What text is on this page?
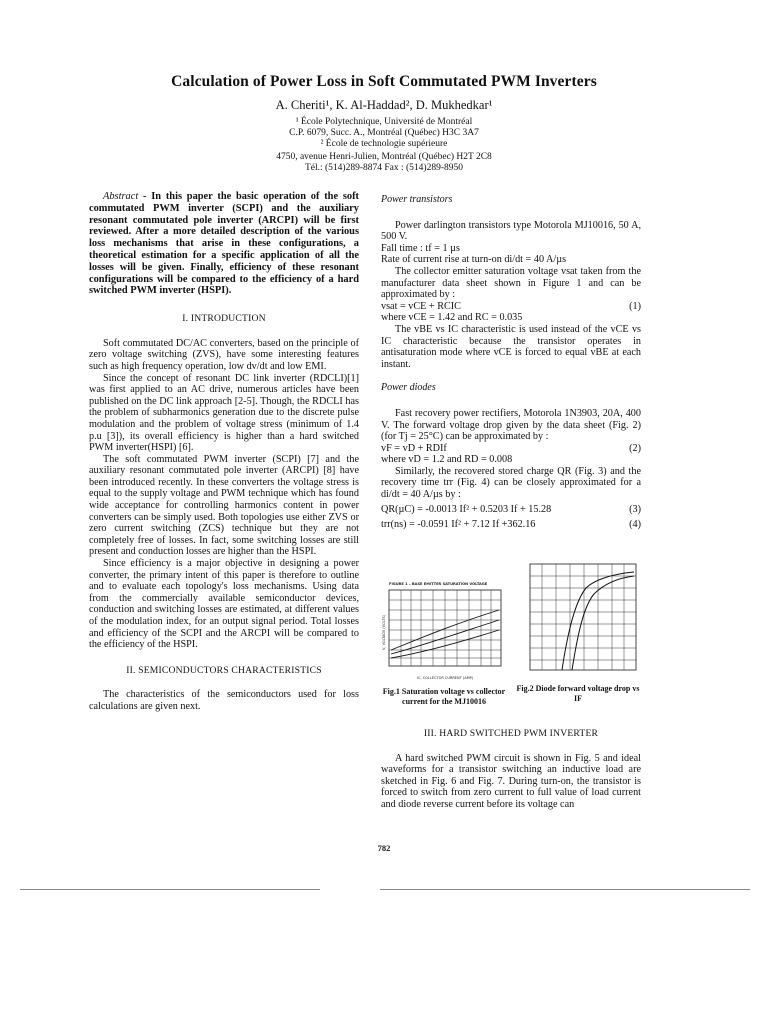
Calculation of Power Loss in Soft Commutated PWM Inverters
A. Cheriti¹, K. Al-Haddad², D. Mukhedkar¹
¹ École Polytechnique, Université de Montréal
C.P. 6079, Succ. A., Montréal (Québec) H3C 3A7
² École de technologie supérieure
4750, avenue Henri-Julien, Montréal (Québec) H2T 2C8
Tél.: (514)289-8874 Fax : (514)289-8950

Abstract - In this paper the basic operation of the soft commutated PWM inverter (SCPI) and the auxiliary resonant commutated pole inverter (ARCPI) will be first reviewed. After a more detailed description of the various loss mechanisms that arise in these configurations, a theoretical estimation for a specific application of all the losses will be given. Finally, efficiency of these resonant configurations will be compared to the efficiency of a hard switched PWM inverter (HSPI).

I. INTRODUCTION

Soft commutated DC/AC converters, based on the principle of zero voltage switching (ZVS), have some interesting features such as high frequency operation, low dv/dt and low EMI.

Since the concept of resonant DC link inverter (RDCLI)[1] was first applied to an AC drive, numerous articles have been published on the DC link approach [2-5]. Though, the RDCLI has the problem of subharmonics generation due to the discrete pulse modulation and the problem of voltage stress (minimum of 1.4 p.u [3]), its overall efficiency is higher than a hard switched PWM inverter(HSPI) [6].

The soft commutated PWM inverter (SCPI) [7] and the auxiliary resonant commutated pole inverter (ARCPI) [8] have been introduced recently. In these converters the voltage stress is equal to the supply voltage and PWM technique which has found wide acceptance for controlling harmonics content in power converters can be simply used. Both topologies use either ZVS or zero current switching (ZCS) technique but they are not completely free of losses. In fact, some switching losses are still present and conduction losses are higher than the HSPI.

Since efficiency is a major objective in designing a power converter, the primary intent of this paper is therefore to outline and to evaluate each topology's loss mechanisms. Using data from the commercially available semiconductor devices, conduction and switching losses are estimated, at different values of the modulation index, for an output signal period. Total losses and efficiency of the SCPI and the ARCPI will be compared to the efficiency of the HSPI.

II. SEMICONDUCTORS CHARACTERISTICS

The characteristics of the semiconductors used for loss calculations are given next.

Power transistors

Power darlington transistors type Motorola MJ10016, 50 A, 500 V.

Fall time : tf = 1 µs

Rate of current rise at turn-on di/dt = 40 A/µs

The collector emitter saturation voltage vsat taken from the manufacturer data sheet shown in Figure 1 and can be approximated by :

vsat = vCE + RCIC	(1)

where vCE = 1.42 and RC = 0.035

The vBE vs IC characteristic is used instead of the vCE vs IC characteristic because the transistor operates in antisaturation mode where vCE is forced to equal vBE at each instant.

Power diodes

Fast recovery power rectifiers, Motorola 1N3903, 20A, 400 V. The forward voltage drop given by the data sheet (Fig. 2) (for Tj = 25°C) can be approximated by :

vF = vD + RDIf	(2)

where vD = 1.2 and RD = 0.008

Similarly, the recovered stored charge QR (Fig. 3) and the recovery time trr (Fig. 4) can be closely approximated for a di/dt = 40 A/µs by :

QR(µC) = -0.0013 If² + 0.5203 If + 15.28	(3)
trr(ns) = -0.0591 If² + 7.12 If +362.16	(4)
FIGURE 1 – BASE EMITTER SATURATION VOLTAGE
V, VOLTAGE (VOLTS)
IC, COLLECTOR CURRENT (AMP)
Fig.1 Saturation voltage vs collector current for the MJ10016
Fig.2 Diode forward voltage drop vs IF

III. HARD SWITCHED PWM INVERTER

A hard switched PWM circuit is shown in Fig. 5 and ideal waveforms for a transistor switching an inductive load are sketched in Fig. 6 and Fig. 7. During turn-on, the transistor is forced to switch from zero current to full value of load current and diode reverse current before its voltage can

782
